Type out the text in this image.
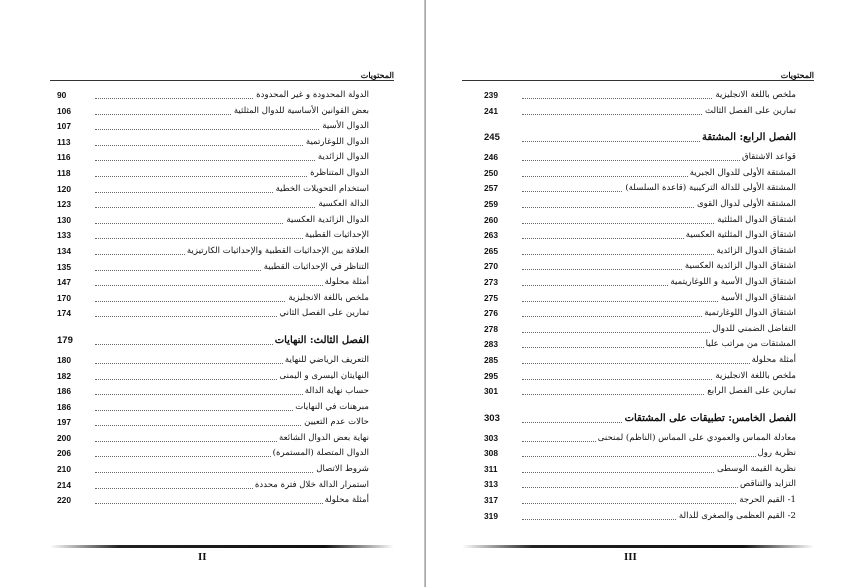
المحتويات
الدولة المحدودة و غير المحدودة
90
بعض القوانين الأساسية للدوال المثلثية
106
الدوال الأسية
107
الدوال اللوغارتمية
113
الدوال الزائدية
116
الدوال المتناظرة
118
استخدام التحويلات الخطية
120
الدالة العكسية
123
الدوال الزائدية العكسية
130
الإحداثيات القطبية
133
العلاقة بين الإحداثيات القطبية والإحداثيات الكارتيزية
134
التناظر في الإحداثيات القطبية
135
أمثلة محلولة
147
ملخص باللغة الانجليزية
170
تمارين على الفصل الثاني
174
الفصل الثالث: النهايات
179
التعريف الرياضي للنهاية
180
النهايتان اليسرى و اليمنى
182
حساب نهاية الدالة
186
مبرهنات في النهايات
186
حالات عدم التعيين
197
نهاية بعض الدوال الشائعة
200
الدوال المتصلة (المستمرة)
206
شروط الاتصال
210
استمرار الدالة خلال فترة محددة
214
أمثلة محلولة
220
II
المحتويات
ملخص باللغة الانجليزية
239
تمارين على الفصل الثالث
241
الفصل الرابع: المشتقة
245
قواعد الاشتقاق
246
المشتقة الأولى للدوال الجبرية
250
المشتقة الأولى للدالة التركيبية (قاعدة السلسلة)
257
المشتقة الأولى لدوال القوى
259
اشتقاق الدوال المثلثية
260
اشتقاق الدوال المثلثية العكسية
263
اشتقاق الدوال الزائدية
265
اشتقاق الدوال الزائدية العكسية
270
اشتقاق الدوال الأسية و اللوغاريتمية
273
اشتقاق الدوال الأسية
275
اشتقاق الدوال اللوغارتمية
276
التفاضل الضمني للدوال
278
المشتقات من مراتب عليا
283
أمثلة محلولة
285
ملخص باللغة الانجليزية
295
تمارين على الفصل الرابع
301
الفصل الخامس: تطبيقات على المشتقات
303
معادلة المماس والعمودي على المماس (الناظم) لمنحنى
303
نظرية رول
308
نظرية القيمة الوسطى
311
التزايد والتناقص
313
1- القيم الحرجة
317
2- القيم العظمى والصغرى للدالة
319
III
